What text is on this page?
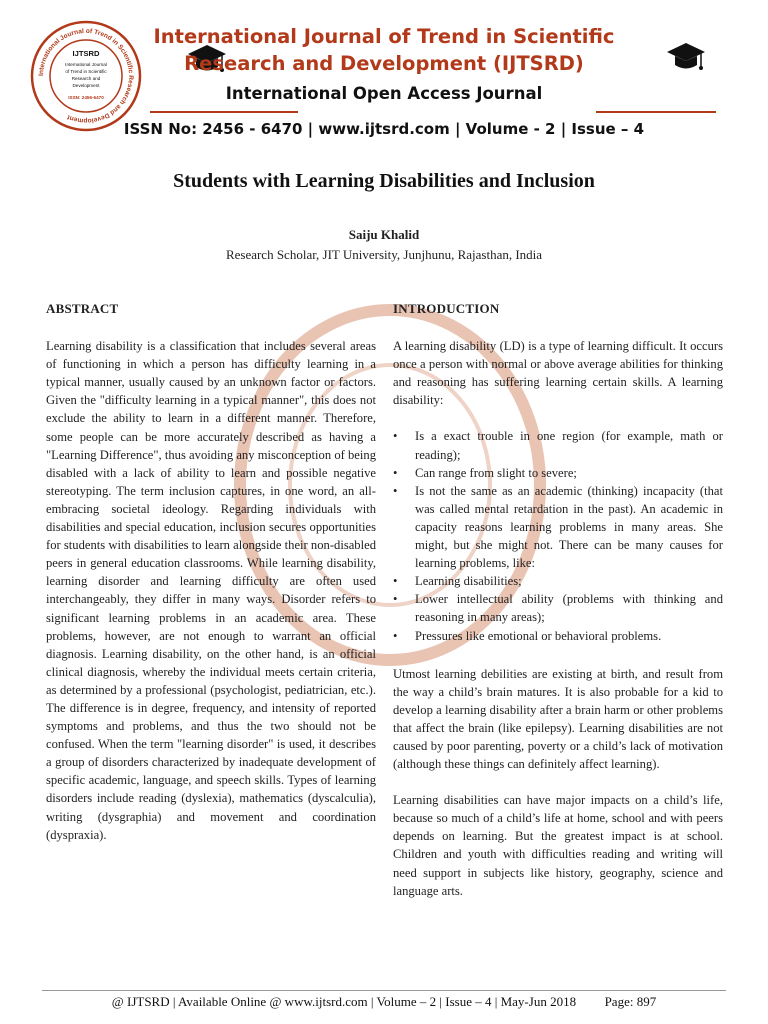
International Journal of Trend in Scientific Research and Development
IJTSRD
International Journal
of Trend in Scientific
Research and
Development
ISSN: 2456-6470
International Journal of Trend in Scientific
Research and Development (IJTSRD)
International Open Access Journal
ISSN No: 2456 - 6470 | www.ijtsrd.com | Volume - 2 | Issue – 4
Students with Learning Disabilities and Inclusion
Saiju Khalid
Research Scholar, JIT University, Junjhunu, Rajasthan, India
ABSTRACT

Learning disability is a classification that includes several areas of functioning in which a person has difficulty learning in a typical manner, usually caused by an unknown factor or factors. Given the "difficulty learning in a typical manner", this does not exclude the ability to learn in a different manner. Therefore, some people can be more accurately described as having a "Learning Difference", thus avoiding any misconception of being disabled with a lack of ability to learn and possible negative stereotyping. The term inclusion captures, in one word, an all-embracing societal ideology. Regarding individuals with disabilities and special education, inclusion secures opportunities for students with disabilities to learn alongside their non-disabled peers in general education classrooms. While learning disability, learning disorder and learning difficulty are often used interchangeably, they differ in many ways. Disorder refers to significant learning problems in an academic area. These problems, however, are not enough to warrant an official diagnosis. Learning disability, on the other hand, is an official clinical diagnosis, whereby the individual meets certain criteria, as determined by a professional (psychologist, pediatrician, etc.). The difference is in degree, frequency, and intensity of reported symptoms and problems, and thus the two should not be confused. When the term "learning disorder" is used, it describes a group of disorders characterized by inadequate development of specific academic, language, and speech skills. Types of learning disorders include reading (dyslexia), mathematics (dyscalculia), writing (dysgraphia) and movement and coordination (dyspraxia).

INTRODUCTION

A learning disability (LD) is a type of learning difficult. It occurs once a person with normal or above average abilities for thinking and reasoning has suffering learning certain skills. A learning disability:

•	Is a exact trouble in one region (for example, math or reading);
•	Can range from slight to severe;
•	Is not the same as an academic (thinking) incapacity (that was called mental retardation in the past). An academic in capacity reasons learning problems in many areas. She might, but she might not. There can be many causes for learning problems, like:
•	Learning disabilities;
•	Lower intellectual ability (problems with thinking and reasoning in many areas);
•	Pressures like emotional or behavioral problems.

Utmost learning debilities are existing at birth, and result from the way a child’s brain matures. It is also probable for a kid to develop a learning disability after a brain harm or other problems that affect the brain (like epilepsy). Learning disabilities are not caused by poor parenting, poverty or a child’s lack of motivation (although these things can definitely affect learning).

Learning disabilities can have major impacts on a child’s life, because so much of a child’s life at home, school and with peers depends on learning. But the greatest impact is at school. Children and youth with difficulties reading and writing will need support in subjects like history, geography, science and language arts.

@ IJTSRD | Available Online @ www.ijtsrd.com | Volume – 2 | Issue – 4 | May-Jun 2018 Page: 897
